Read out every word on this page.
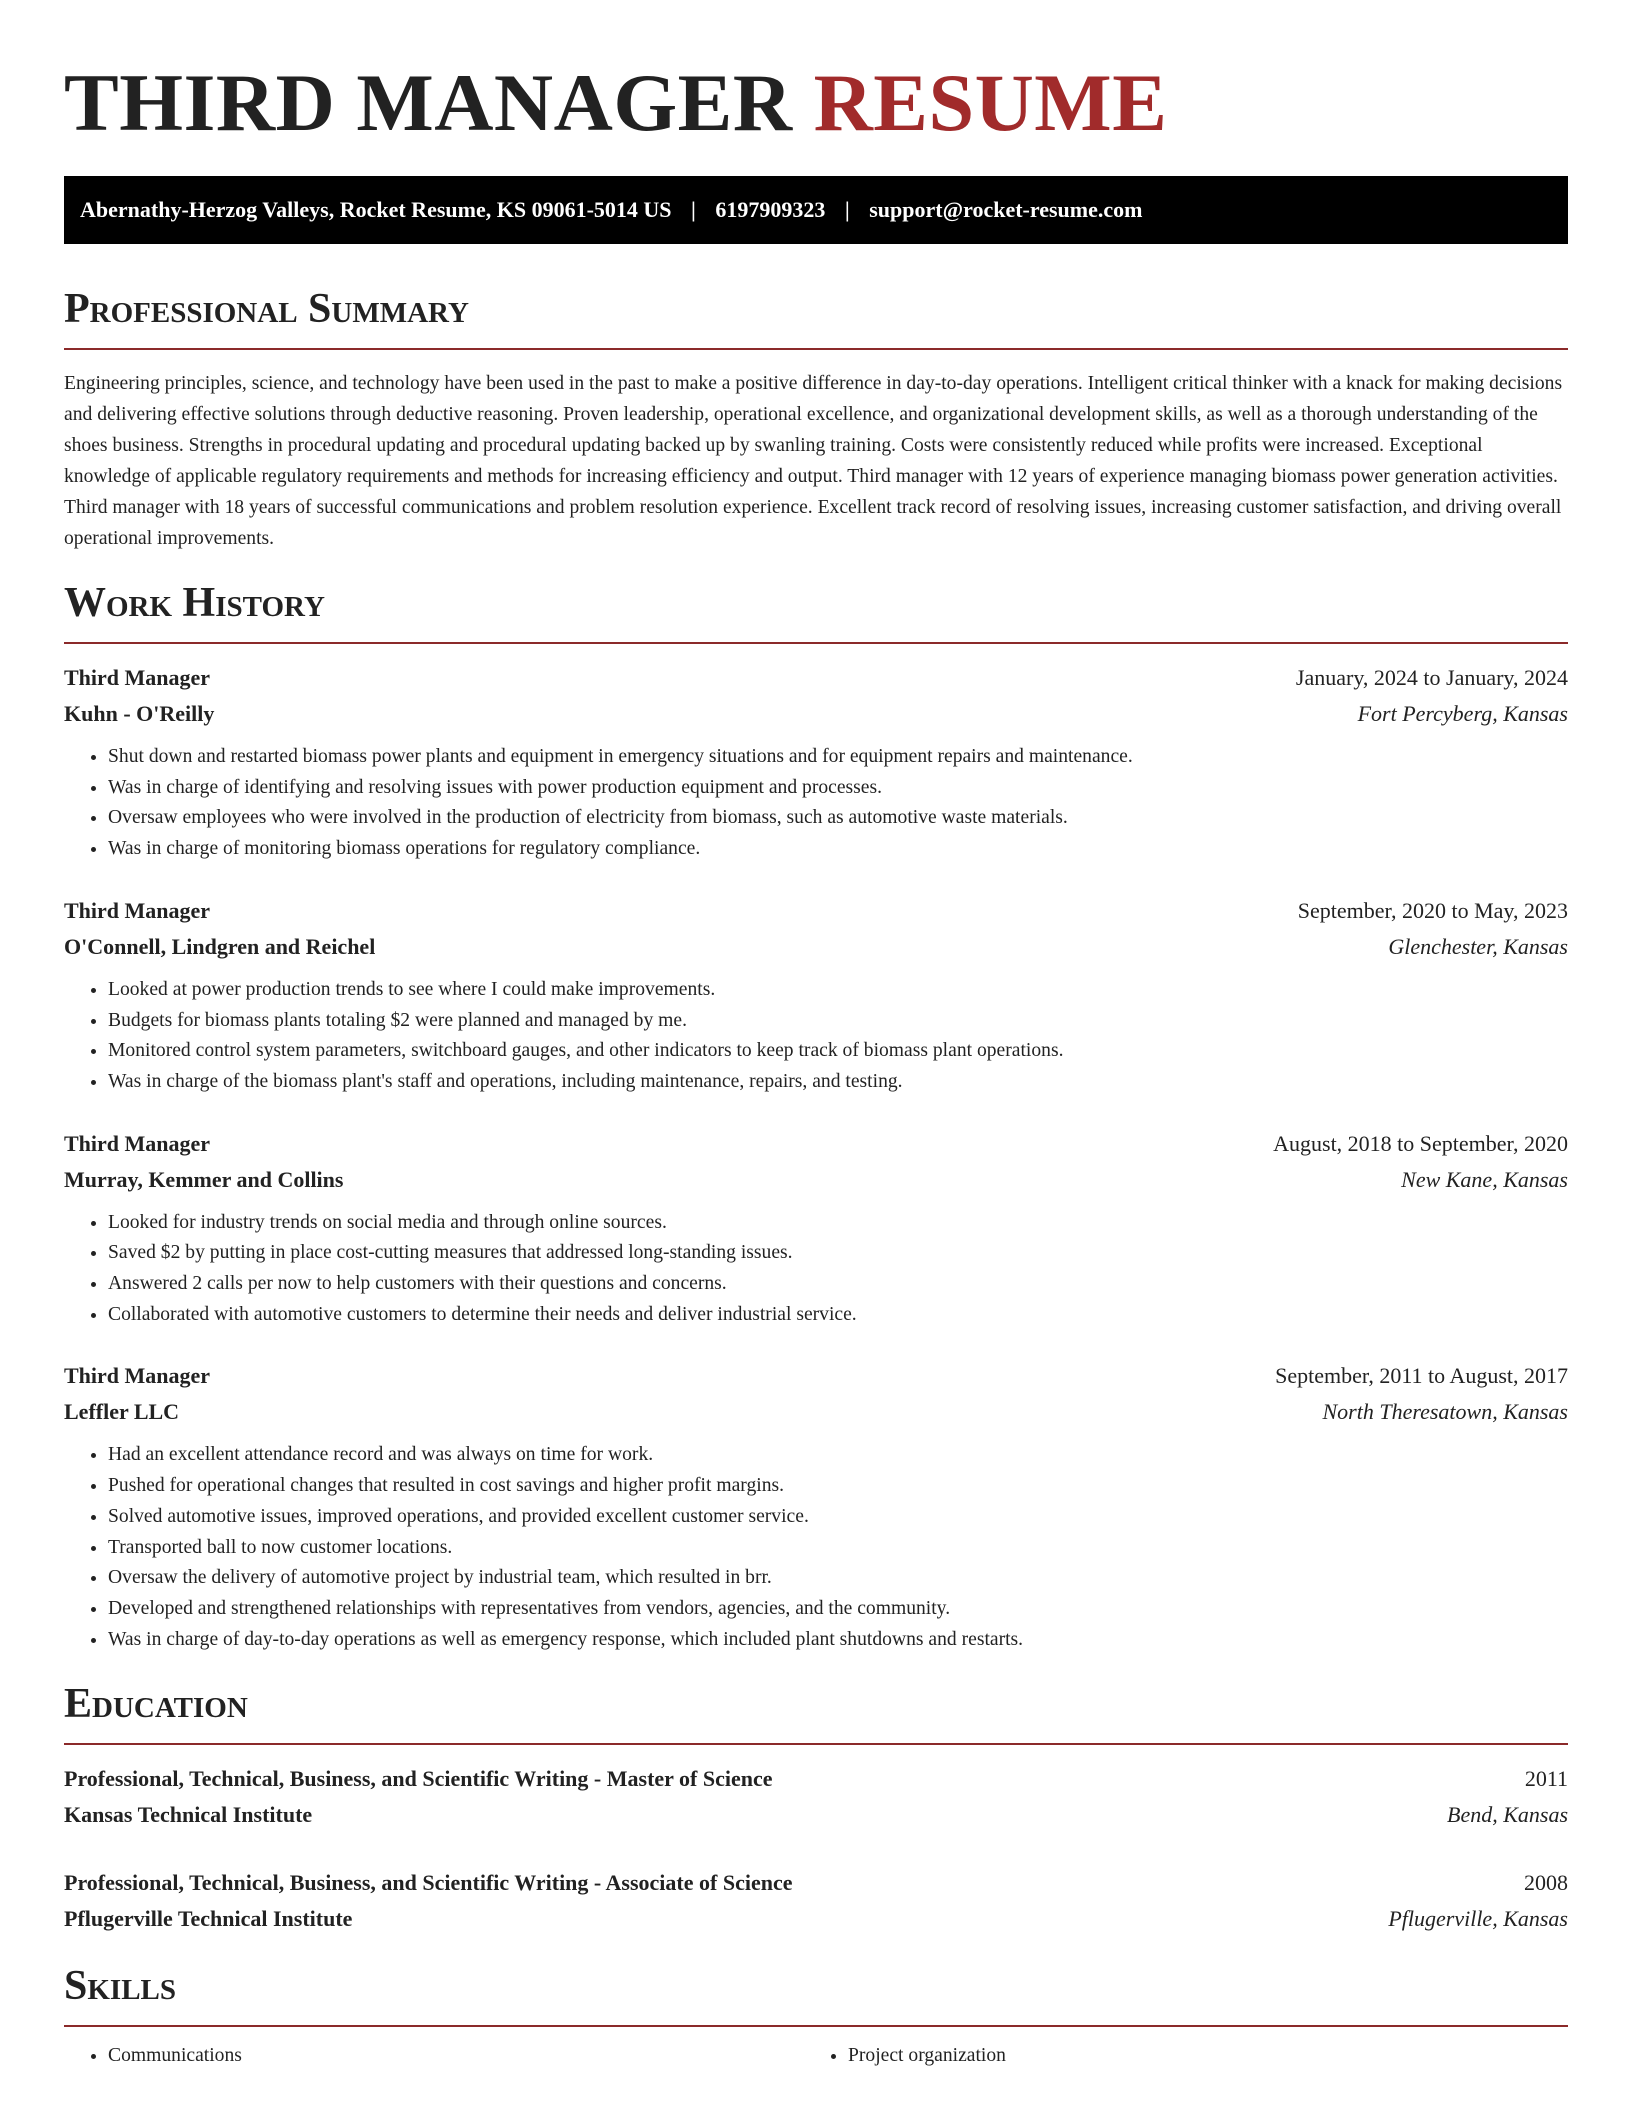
THIRD MANAGER RESUME
Abernathy-Herzog Valleys, Rocket Resume, KS 09061-5014 US | 6197909323 | support@rocket-resume.com
Professional Summary

Engineering principles, science, and technology have been used in the past to make a positive difference in day-to-day operations. Intelligent critical thinker with a knack for making decisions and delivering effective solutions through deductive reasoning. Proven leadership, operational excellence, and organizational development skills, as well as a thorough understanding of the shoes business. Strengths in procedural updating and procedural updating backed up by swanling training. Costs were consistently reduced while profits were increased. Exceptional knowledge of applicable regulatory requirements and methods for increasing efficiency and output. Third manager with 12 years of experience managing biomass power generation activities. Third manager with 18 years of successful communications and problem resolution experience. Excellent track record of resolving issues, increasing customer satisfaction, and driving overall operational improvements.

Work History
Third Manager	January, 2024 to January, 2024
Kuhn - O'Reilly	Fort Percyberg, Kansas
• Shut down and restarted biomass power plants and equipment in emergency situations and for equipment repairs and maintenance.
• Was in charge of identifying and resolving issues with power production equipment and processes.
• Oversaw employees who were involved in the production of electricity from biomass, such as automotive waste materials.
• Was in charge of monitoring biomass operations for regulatory compliance.
Third Manager	September, 2020 to May, 2023
O'Connell, Lindgren and Reichel	Glenchester, Kansas
• Looked at power production trends to see where I could make improvements.
• Budgets for biomass plants totaling $2 were planned and managed by me.
• Monitored control system parameters, switchboard gauges, and other indicators to keep track of biomass plant operations.
• Was in charge of the biomass plant's staff and operations, including maintenance, repairs, and testing.
Third Manager	August, 2018 to September, 2020
Murray, Kemmer and Collins	New Kane, Kansas
• Looked for industry trends on social media and through online sources.
• Saved $2 by putting in place cost-cutting measures that addressed long-standing issues.
• Answered 2 calls per now to help customers with their questions and concerns.
• Collaborated with automotive customers to determine their needs and deliver industrial service.
Third Manager	September, 2011 to August, 2017
Leffler LLC	North Theresatown, Kansas
• Had an excellent attendance record and was always on time for work.
• Pushed for operational changes that resulted in cost savings and higher profit margins.
• Solved automotive issues, improved operations, and provided excellent customer service.
• Transported ball to now customer locations.
• Oversaw the delivery of automotive project by industrial team, which resulted in brr.
• Developed and strengthened relationships with representatives from vendors, agencies, and the community.
• Was in charge of day-to-day operations as well as emergency response, which included plant shutdowns and restarts.
Education
Professional, Technical, Business, and Scientific Writing - Master of Science	2011
Kansas Technical Institute	Bend, Kansas
Professional, Technical, Business, and Scientific Writing - Associate of Science	2008
Pflugerville Technical Institute	Pflugerville, Kansas
Skills
• Communications
•	Project organization
